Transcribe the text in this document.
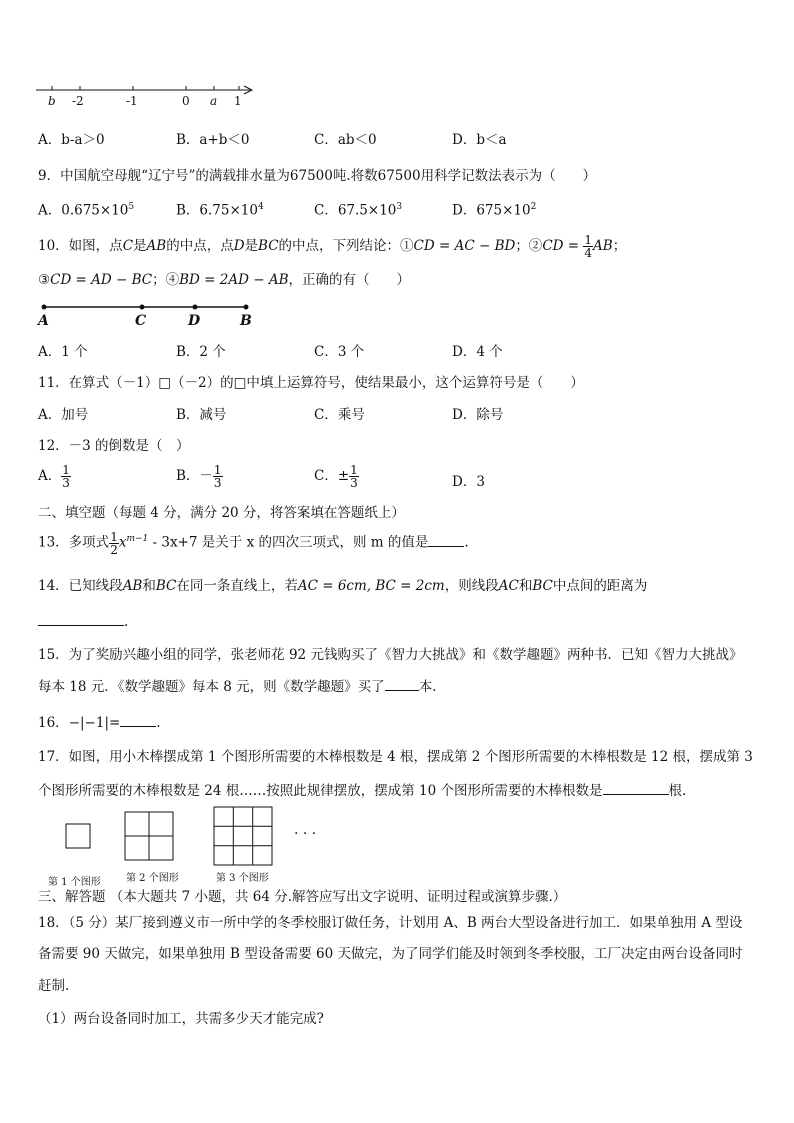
b -2	-1	0 a 1
A．b-a＞0	B．a+b＜0	C．ab＜0	D．b＜a
9．中国航空母舰“辽宁号”的满载排水量为67500吨.将数67500用科学记数法表示为（　　）
A．$0.675\times 10^5$	B．$6.75\times 10^4$	C．$67.5\times 10^3$	D．$675\times 10^2$
10．如图，点C是AB的中点，点D是BC的中点，下列结论：①CD = AC − BD；②CD = $\frac{1}{4}$ AB；
③CD = AD − BC；④BD = 2AD − AB，正确的有（　　）
A	C	D	B
A．1 个	B．2 个	C．3 个	D．4 个
11．在算式（－1）□（－2）的□中填上运算符号，使结果最小，这个运算符号是（　　）
A．加号	B．减号	C．乘号	D．除号
12．－3 的倒数是（　）
A． $\frac{1}{3}$	B．－ $\frac{1}{3}$	C．± $\frac{1}{3}$	D．3
二、填空题（每题 4 分，满分 20 分，将答案填在答题纸上）
13．多项式 $\frac{1}{2} x^{m-1} - 3x+7$ 是关于 x 的四次三项式，则 m 的值是	.
14．已知线段AB和BC在同一条直线上，若AC = 6cm, BC = 2cm，则线段AC和BC中点间的距离为
.
15．为了奖励兴趣小组的同学，张老师花 92 元钱购买了《智力大挑战》和《数学趣题》两种书．已知《智力大挑战》
每本 18 元．《数学趣题》每本 8 元，则《数学趣题》买了	本.
16．−|−1|=	.
17．如图，用小木棒摆成第 1 个图形所需要的木棒根数是 4 根，摆成第 2 个图形所需要的木棒根数是 12 根，摆成第 3
个图形所需要的木棒根数是 24 根……按照此规律摆放，摆成第 10 个图形所需要的木棒根数是	根.
· · ·
第 1 个图形	第 2 个图形	第 3 个图形
三、解答题 （本大题共 7 小题，共 64 分.解答应写出文字说明、证明过程或演算步骤.）
18．（5 分）某厂接到遵义市一所中学的冬季校服订做任务，计划用 A、B 两台大型设备进行加工．如果单独用 A 型设
备需要 90 天做完，如果单独用 B 型设备需要 60 天做完，为了同学们能及时领到冬季校服，工厂决定由两台设备同时
赶制.
（1）两台设备同时加工，共需多少天才能完成?
